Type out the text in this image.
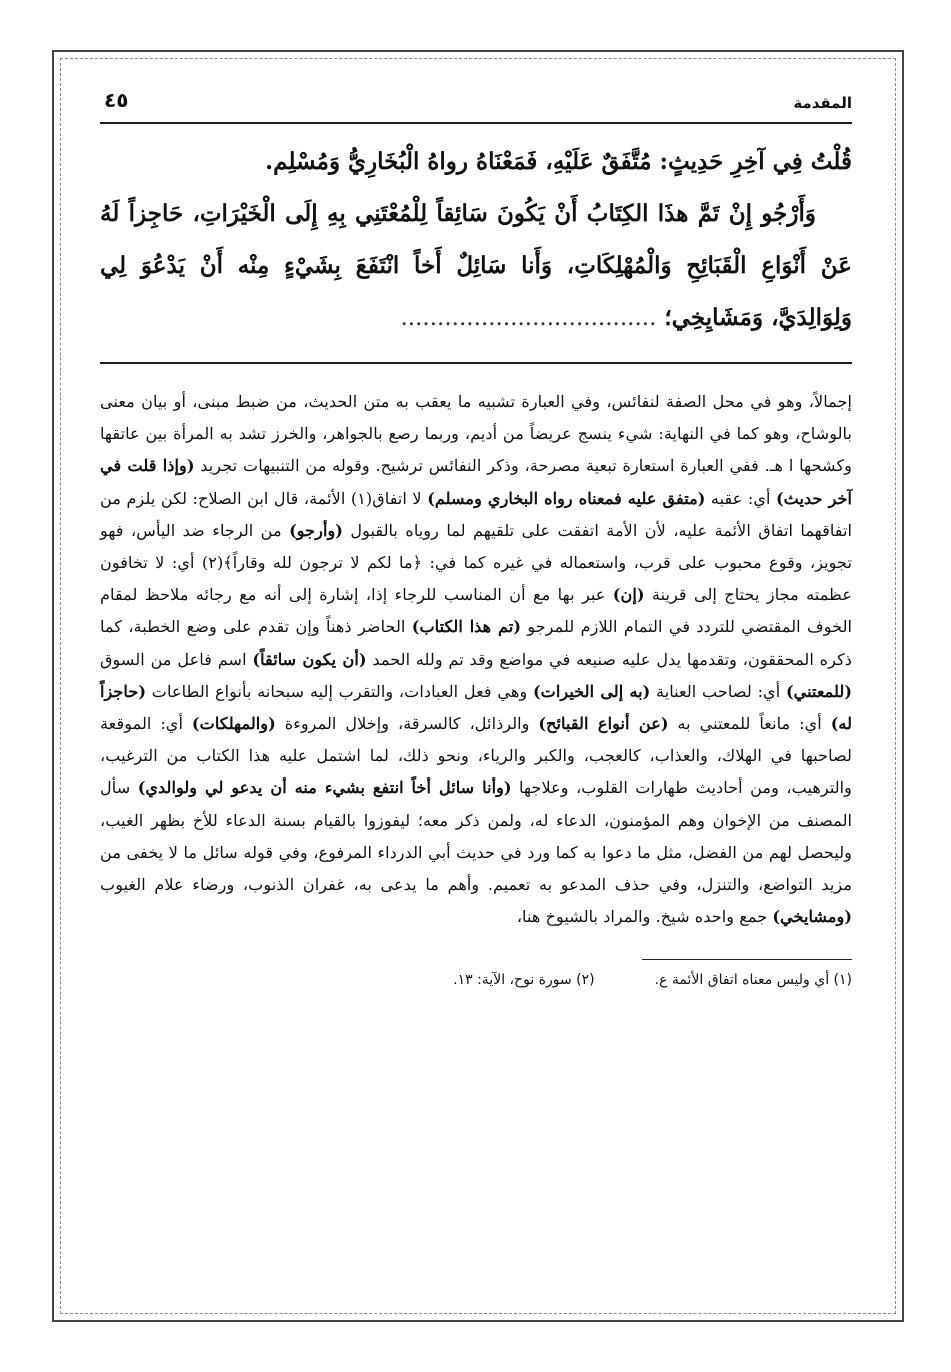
المقدمة
٤٥

قُلْتُ فِي آخِرِ حَدِيثٍ: مُتَّفَقٌ عَلَيْهِ، فَمَعْنَاهُ رواهُ الْبُخَارِيُّ وَمُسْلِم.

وَأَرْجُو إِنْ تَمَّ هذَا الكِتَابُ أَنْ يَكُونَ سَائِقاً لِلْمُعْتَنِي بِهِ إِلَى الْخَيْرَاتِ، حَاجِزاً لَهُ عَنْ أَنْوَاعِ الْقَبَائِحِ وَالْمُهْلِكَاتِ، وَأَنا سَائِلٌ أَخاً انْتَفَعَ بِشَيْءٍ مِنْه أَنْ يَدْعُوَ لِي وَلِوَالِدَيَّ، وَمَشَايِخِي؛ ...................................

إجمالاً، وهو في محل الصفة لنفائس، وفي العبارة تشبيه ما يعقب به متن الحديث، من ضبط مبنى، أو بيان معنى بالوشاح، وهو كما في النهاية: شيء ينسج عريضاً من أديم، وربما رصع بالجواهر، والخرز تشد به المرأة بين عاتقها وكشحها ا هـ. ففي العبارة استعارة تبعية مصرحة، وذكر النفائس ترشيح. وقوله من التنبيهات تجريد (وإذا قلت في آخر حديث) أي: عقبه (متفق عليه فمعناه رواه البخاري ومسلم) لا اتفاق(١) الأئمة، قال ابن الصلاح: لكن يلزم من اتفاقهما اتفاق الأئمة عليه، لأن الأمة اتفقت على تلقيهم لما روياه بالقبول (وأرجو) من الرجاء ضد اليأس، فهو تجويز، وقوع محبوب على قرب، واستعماله في غيره كما في: ﴿ما لكم لا ترجون لله وقاراً﴾(٢) أي: لا تخافون عظمته مجاز يحتاج إلى قرينة (إن) عبر بها مع أن المناسب للرجاء إذا، إشارة إلى أنه مع رجائه ملاحظ لمقام الخوف المقتضي للتردد في التمام اللازم للمرجو (تم هذا الكتاب) الحاضر ذهناً وإن تقدم على وضع الخطبة، كما ذكره المحققون، وتقدمها يدل عليه صنيعه في مواضع وقد تم ولله الحمد (أن يكون سائقاً) اسم فاعل من السوق (للمعتني) أي: لصاحب العناية (به إلى الخيرات) وهي فعل العبادات، والتقرب إليه سبحانه بأنواع الطاعات (حاجزاً له) أي: مانعاً للمعتني به (عن أنواع القبائح) والرذائل، كالسرقة، وإخلال المروءة (والمهلكات) أي: الموقعة لصاحبها في الهلاك، والعذاب، كالعجب، والكبر والرياء، ونحو ذلك، لما اشتمل عليه هذا الكتاب من الترغيب، والترهيب، ومن أحاديث طهارات القلوب، وعلاجها (وأنا سائل أخاً انتفع بشيء منه أن يدعو لي ولوالدي) سأل المصنف من الإخوان وهم المؤمنون، الدعاء له، ولمن ذكر معه؛ ليفوزوا بالقيام بسنة الدعاء للأخ بظهر الغيب، وليحصل لهم من الفضل، مثل ما دعوا به كما ورد في حديث أبي الدرداء المرفوع، وفي قوله سائل ما لا يخفى من مزيد التواضع، والتنزل، وفي حذف المدعو به تعميم. وأهم ما يدعى به، غفران الذنوب، ورضاء علام الغيوب (ومشايخي) جمع واحده شيخ. والمراد بالشيوخ هنا،
(١) أي وليس معناه اتفاق الأئمة ع.
(٢) سورة نوح، الآية: ١٣.
